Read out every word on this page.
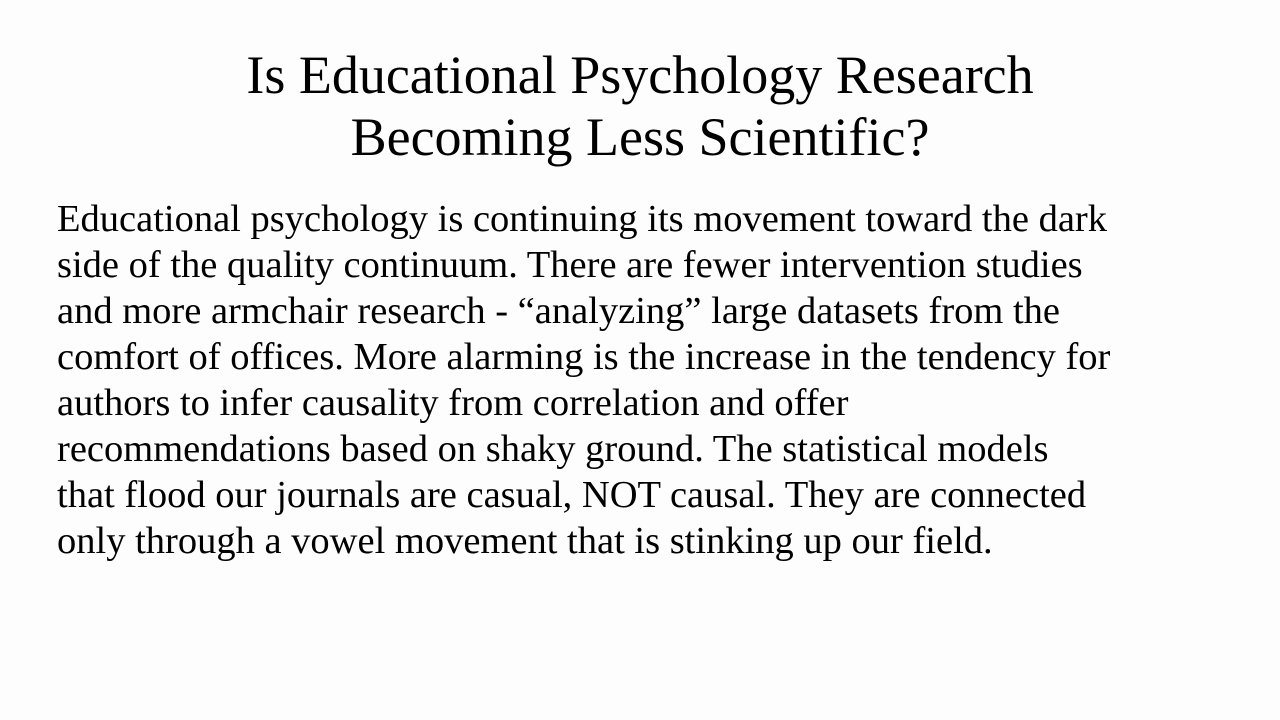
Is Educational Psychology Research
Becoming Less Scientific?
Educational psychology is continuing its movement toward the dark
side of the quality continuum. There are fewer intervention studies
and more armchair research - “analyzing” large datasets from the
comfort of offices. More alarming is the increase in the tendency for
authors to infer causality from correlation and offer
recommendations based on shaky ground. The statistical models
that flood our journals are casual, NOT causal. They are connected
only through a vowel movement that is stinking up our field.
